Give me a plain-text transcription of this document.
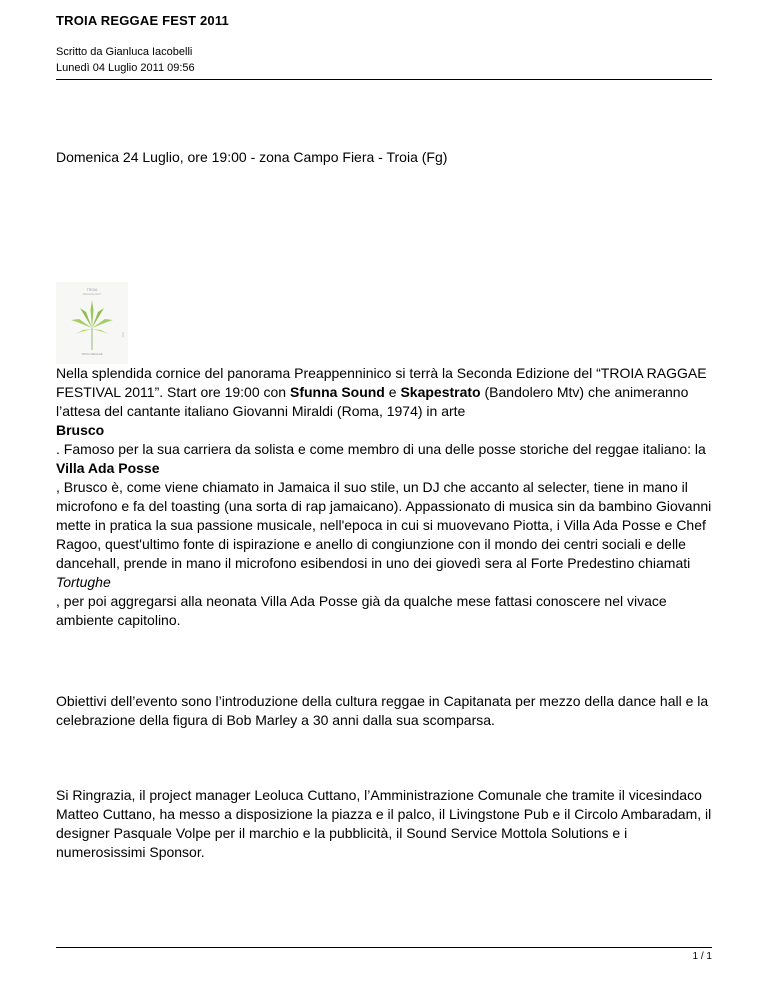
TROIA REGGAE FEST 2011

Scritto da Gianluca Iacobelli
Lunedì 04 Luglio 2011 09:56

Domenica 24 Luglio, ore 19:00 - zona Campo Fiera - Troia (Fg)

TROIA
REGGAE FEST
TROIA REGGAE
2011

Nella splendida cornice del panorama Preappenninico si terrà la Seconda Edizione del “TROIA RAGGAE FESTIVAL 2011”. Start ore 19:00 con Sfunna Sound e Skapestrato (Bandolero Mtv) che animeranno l’attesa del cantante italiano Giovanni Miraldi (Roma, 1974) in arte
Brusco
. Famoso per la sua carriera da solista e come membro di una delle posse storiche del reggae italiano: la
Villa Ada Posse
, Brusco è, come viene chiamato in Jamaica il suo stile, un DJ che accanto al selecter, tiene in mano il microfono e fa del toasting (una sorta di rap jamaicano). Appassionato di musica sin da bambino Giovanni mette in pratica la sua passione musicale, nell'epoca in cui si muovevano Piotta, i Villa Ada Posse e Chef Ragoo, quest'ultimo fonte di ispirazione e anello di congiunzione con il mondo dei centri sociali e delle dancehall, prende in mano il microfono esibendosi in uno dei giovedì sera al Forte Predestino chiamati
Tortughe
, per poi aggregarsi alla neonata Villa Ada Posse già da qualche mese fattasi conoscere nel vivace ambiente capitolino.

Obiettivi dell’evento sono l’introduzione della cultura reggae in Capitanata per mezzo della dance hall e la celebrazione della figura di Bob Marley a 30 anni dalla sua scomparsa.

Si Ringrazia, il project manager Leoluca Cuttano, l’Amministrazione Comunale che tramite il vicesindaco Matteo Cuttano, ha messo a disposizione la piazza e il palco, il Livingstone Pub e il Circolo Ambaradam, il designer Pasquale Volpe per il marchio e la pubblicità, il Sound Service Mottola Solutions e i numerosissimi Sponsor.

1 / 1
